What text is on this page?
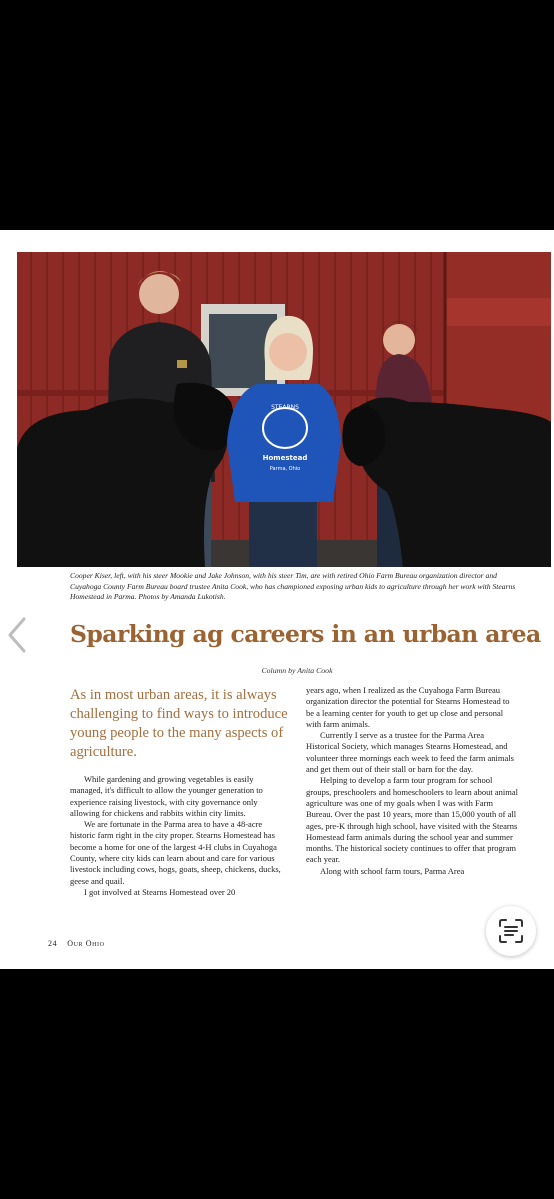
STEARNS
Homestead
Parma, Ohio

Cooper Kiser, left, with his steer Mookie and Jake Johnson, with his steer Tim, are with retired Ohio Farm Bureau organization director and Cuyahoga County Farm Bureau board trustee Anita Cook, who has championed exposing urban kids to agriculture through her work with Stearns Homestead in Parma. Photos by Amanda Lukotish.

Sparking ag careers in an urban area

Column by Anita Cook

As in most urban areas, it is always challenging to find ways to introduce young people to the many aspects of agriculture.

While gardening and growing vegetables is easily managed, it's difficult to allow the younger generation to experience raising livestock, with city governance only allowing for chickens and rabbits within city limits.

We are fortunate in the Parma area to have a 48-acre historic farm right in the city proper. Stearns Homestead has become a home for one of the largest 4-H clubs in Cuyahoga County, where city kids can learn about and care for various livestock including cows, hogs, goats, sheep, chickens, ducks, geese and quail.

I got involved at Stearns Homestead over 20

years ago, when I realized as the Cuyahoga Farm Bureau organization director the potential for Stearns Homestead to be a learning center for youth to get up close and personal with farm animals.

Currently I serve as a trustee for the Parma Area Historical Society, which manages Stearns Homestead, and volunteer three mornings each week to feed the farm animals and get them out of their stall or barn for the day.

Helping to develop a farm tour program for school groups, preschoolers and homeschoolers to learn about animal agriculture was one of my goals when I was with Farm Bureau. Over the past 10 years, more than 15,000 youth of all ages, pre-K through high school, have visited with the Stearns Homestead farm animals during the school year and summer months. The historical society continues to offer that program each year.

Along with school farm tours, Parma Area

24 Our Ohio
